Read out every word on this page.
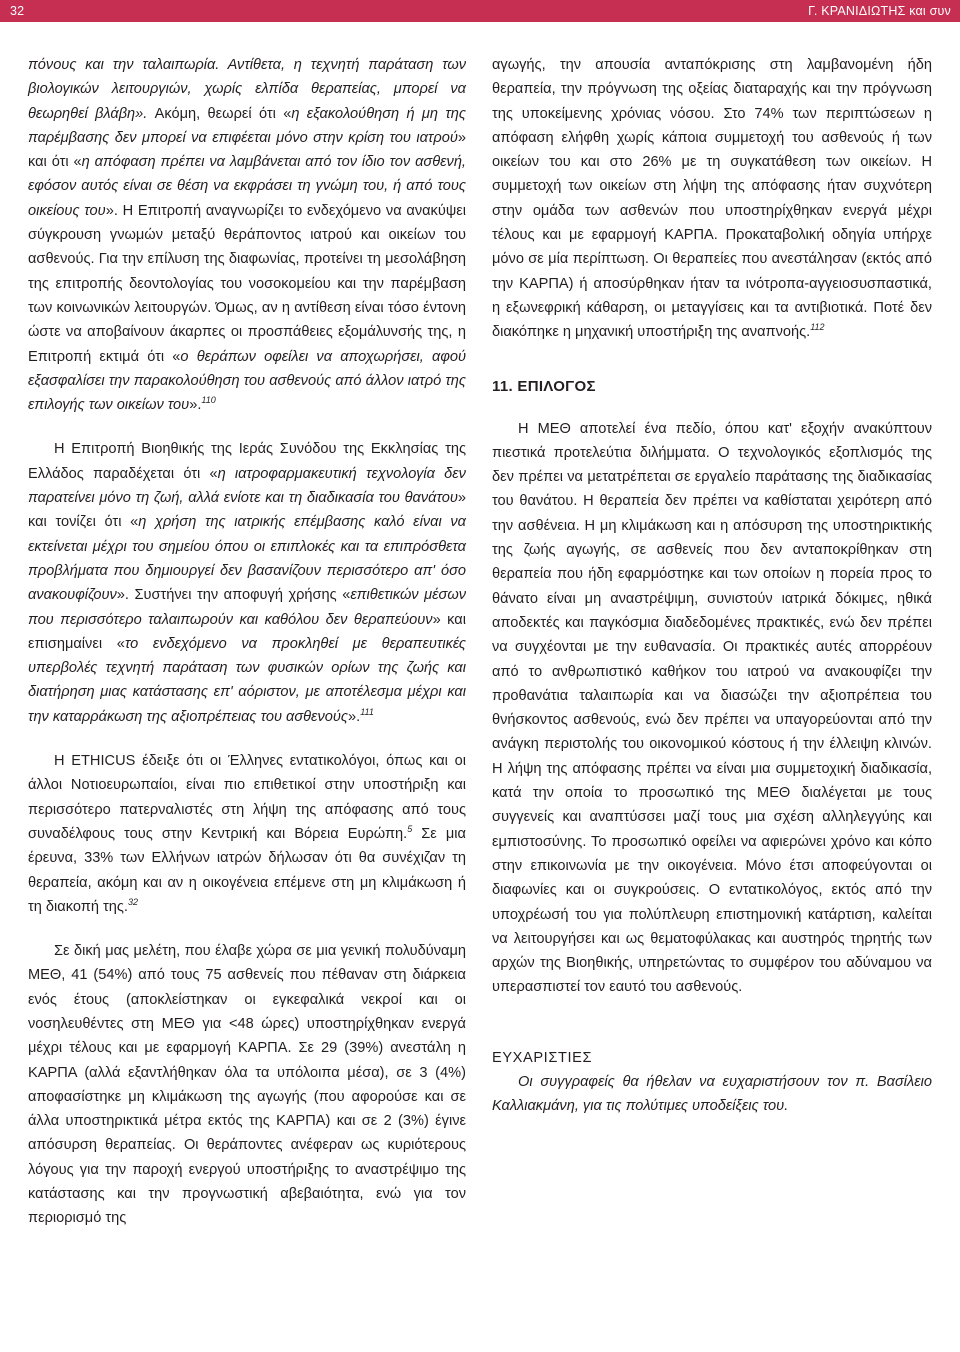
32	Γ. ΚΡΑΝΙΔΙΩΤΗΣ και συν

πόνους και την ταλαιπωρία. Αντίθετα, η τεχνητή παράταση των βιολογικών λειτουργιών, χωρίς ελπίδα θεραπείας, μπορεί να θεωρηθεί βλάβη». Ακόμη, θεωρεί ότι «η εξακολούθηση ή μη της παρέμβασης δεν μπορεί να επιφέεται μόνο στην κρίση του ιατρού» και ότι «η απόφαση πρέπει να λαμβάνεται από τον ίδιο τον ασθενή, εφόσον αυτός είναι σε θέση να εκφράσει τη γνώμη του, ή από τους οικείους του». Η Επιτροπή αναγνωρίζει το ενδεχόμενο να ανακύψει σύγκρουση γνωμών μεταξύ θεράποντος ιατρού και οικείων του ασθενούς. Για την επίλυση της διαφωνίας, προτείνει τη μεσολάβηση της επιτροπής δεοντολογίας του νοσοκομείου και την παρέμβαση των κοινωνικών λειτουργών. Όμως, αν η αντίθεση είναι τόσο έντονη ώστε να αποβαίνουν άκαρπες οι προσπάθειες εξομάλυνσής της, η Επιτροπή εκτιμά ότι «ο θεράπων οφείλει να αποχωρήσει, αφού εξασφαλίσει την παρακολούθηση του ασθενούς από άλλον ιατρό της επιλογής των οικείων του».$^{110}$

Η Επιτροπή Βιοηθικής της Ιεράς Συνόδου της Εκκλησίας της Ελλάδος παραδέχεται ότι «η ιατροφαρμακευτική τεχνολογία δεν παρατείνει μόνο τη ζωή, αλλά ενίοτε και τη διαδικασία του θανάτου» και τονίζει ότι «η χρήση της ιατρικής επέμβασης καλό είναι να εκτείνεται μέχρι του σημείου όπου οι επιπλοκές και τα επιπρόσθετα προβλήματα που δημιουργεί δεν βασανίζουν περισσότερο απ' όσο ανακουφίζουν». Συστήνει την αποφυγή χρήσης «επιθετικών μέσων που περισσότερο ταλαιπωρούν και καθόλου δεν θεραπεύουν» και επισημαίνει «το ενδεχόμενο να προκληθεί με θεραπευτικές υπερβολές τεχνητή παράταση των φυσικών ορίων της ζωής και διατήρηση μιας κατάστασης επ' αόριστον, με αποτέλεσμα μέχρι και την καταρράκωση της αξιοπρέπειας του ασθενούς».$^{111}$

Η ETHICUS έδειξε ότι οι Έλληνες εντατικολόγοι, όπως και οι άλλοι Νοτιοευρωπαίοι, είναι πιο επιθετικοί στην υποστήριξη και περισσότερο πατερναλιστές στη λήψη της απόφασης από τους συναδέλφους τους στην Κεντρική και Βόρεια Ευρώπη.$^5$ Σε μια έρευνα, 33% των Ελλήνων ιατρών δήλωσαν ότι θα συνέχιζαν τη θεραπεία, ακόμη και αν η οικογένεια επέμενε στη μη κλιμάκωση ή τη διακοπή της.$^{32}$

Σε δική μας μελέτη, που έλαβε χώρα σε μια γενική πολυδύναμη ΜΕΘ, 41 (54%) από τους 75 ασθενείς που πέθαναν στη διάρκεια ενός έτους (αποκλείστηκαν οι εγκεφαλικά νεκροί και οι νοσηλευθέντες στη ΜΕΘ για <48 ώρες) υποστηρίχθηκαν ενεργά μέχρι τέλους και με εφαρμογή ΚΑΡΠΑ. Σε 29 (39%) ανεστάλη η ΚΑΡΠΑ (αλλά εξαντλήθηκαν όλα τα υπόλοιπα μέσα), σε 3 (4%) αποφασίστηκε μη κλιμάκωση της αγωγής (που αφορούσε και σε άλλα υποστηρικτικά μέτρα εκτός της ΚΑΡΠΑ) και σε 2 (3%) έγινε απόσυρση θεραπείας. Οι θεράποντες ανέφεραν ως κυριότερους λόγους για την παροχή ενεργού υποστήριξης το αναστρέψιμο της κατάστασης και την προγνωστική αβεβαιότητα, ενώ για τον περιορισμό της

αγωγής, την απουσία ανταπόκρισης στη λαμβανομένη ήδη θεραπεία, την πρόγνωση της οξείας διαταραχής και την πρόγνωση της υποκείμενης χρόνιας νόσου. Στο 74% των περιπτώσεων η απόφαση ελήφθη χωρίς κάποια συμμετοχή του ασθενούς ή των οικείων του και στο 26% με τη συγκατάθεση των οικείων. Η συμμετοχή των οικείων στη λήψη της απόφασης ήταν συχνότερη στην ομάδα των ασθενών που υποστηρίχθηκαν ενεργά μέχρι τέλους και με εφαρμογή ΚΑΡΠΑ. Προκαταβολική οδηγία υπήρχε μόνο σε μία περίπτωση. Οι θεραπείες που ανεστάλησαν (εκτός από την ΚΑΡΠΑ) ή αποσύρθηκαν ήταν τα ινότροπα-αγγειοσυσπαστικά, η εξωνεφρική κάθαρση, οι μεταγγίσεις και τα αντιβιοτικά. Ποτέ δεν διακόπηκε η μηχανική υποστήριξη της αναπνοής.$^{112}$

11. ΕΠΙΛΟΓΟΣ

Η ΜΕΘ αποτελεί ένα πεδίο, όπου κατ' εξοχήν ανακύπτουν πιεστικά προτελεύτια διλήμματα. Ο τεχνολογικός εξοπλισμός της δεν πρέπει να μετατρέπεται σε εργαλείο παράτασης της διαδικασίας του θανάτου. Η θεραπεία δεν πρέπει να καθίσταται χειρότερη από την ασθένεια. Η μη κλιμάκωση και η απόσυρση της υποστηρικτικής της ζωής αγωγής, σε ασθενείς που δεν ανταποκρίθηκαν στη θεραπεία που ήδη εφαρμόστηκε και των οποίων η πορεία προς το θάνατο είναι μη αναστρέψιμη, συνιστούν ιατρικά δόκιμες, ηθικά αποδεκτές και παγκόσμια διαδεδομένες πρακτικές, ενώ δεν πρέπει να συγχέονται με την ευθανασία. Οι πρακτικές αυτές απορρέουν από το ανθρωπιστικό καθήκον του ιατρού να ανακουφίζει την προθανάτια ταλαιπωρία και να διασώζει την αξιοπρέπεια του θνήσκοντος ασθενούς, ενώ δεν πρέπει να υπαγορεύονται από την ανάγκη περιστολής του οικονομικού κόστους ή την έλλειψη κλινών. Η λήψη της απόφασης πρέπει να είναι μια συμμετοχική διαδικασία, κατά την οποία το προσωπικό της ΜΕΘ διαλέγεται με τους συγγενείς και αναπτύσσει μαζί τους μια σχέση αλληλεγγύης και εμπιστοσύνης. Το προσωπικό οφείλει να αφιερώνει χρόνο και κόπο στην επικοινωνία με την οικογένεια. Μόνο έτσι αποφεύγονται οι διαφωνίες και οι συγκρούσεις. Ο εντατικολόγος, εκτός από την υποχρέωσή του για πολύπλευρη επιστημονική κατάρτιση, καλείται να λειτουργήσει και ως θεματοφύλακας και αυστηρός τηρητής των αρχών της Βιοηθικής, υπηρετώντας το συμφέρον του αδύναμου να υπερασπιστεί τον εαυτό του ασθενούς.

ΕΥΧΑΡΙΣΤΙΕΣ

Οι συγγραφείς θα ήθελαν να ευχαριστήσουν τον π. Βασίλειο Καλλιακμάνη, για τις πολύτιμες υποδείξεις του.
